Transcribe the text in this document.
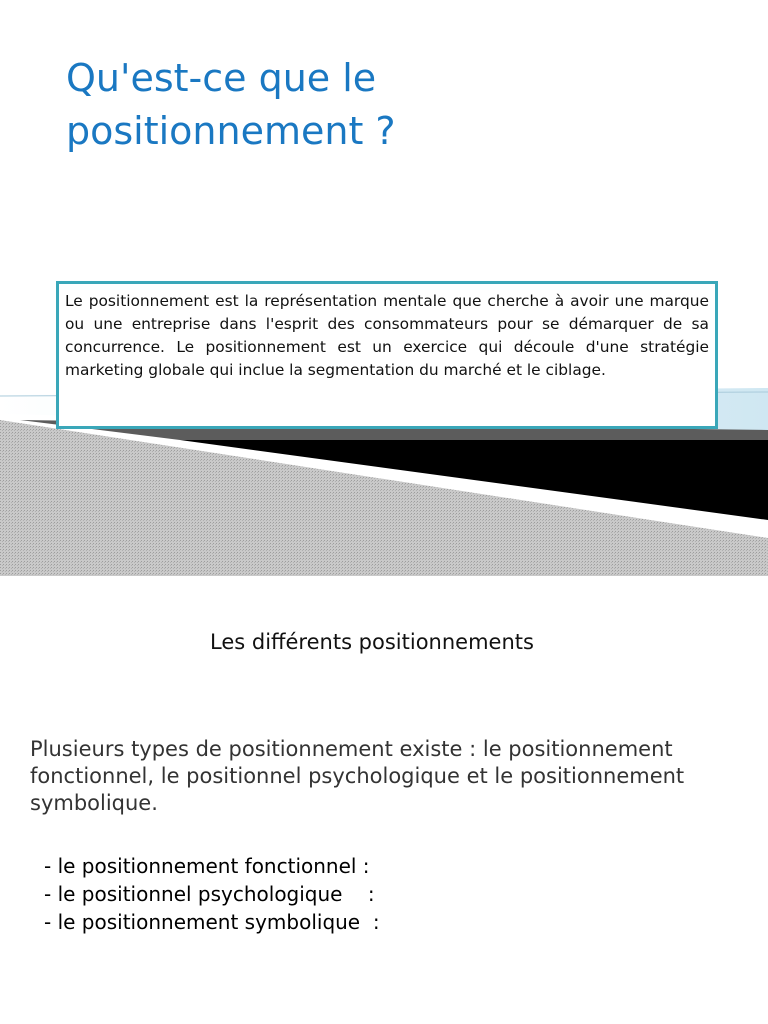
Qu'est-ce que le
positionnement ?

Le positionnement est la représentation mentale que cherche à avoir une marque ou une entreprise dans l'esprit des consommateurs pour se démarquer de sa concurrence. Le positionnement est un exercice qui découle d'une stratégie marketing globale qui inclue la segmentation du marché et le ciblage.

Les différents positionnements

Plusieurs types de positionnement existe : le positionnement fonctionnel, le positionnel psychologique et le positionnement symbolique.

- le positionnement fonctionnel :
- le positionnel psychologique    :
- le positionnement symbolique  :
